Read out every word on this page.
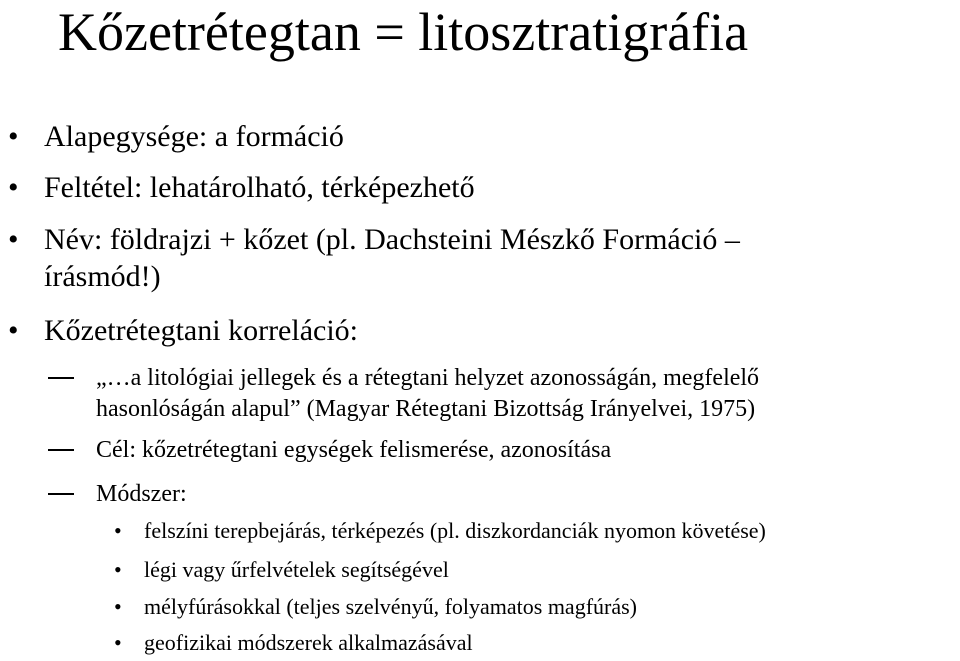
Kőzetrétegtan = litosztratigráfia
• Alapegysége: a formáció
• Feltétel: lehatárolható, térképezhető
• Név: földrajzi + kőzet (pl. Dachsteini Mészkő Formáció –
írásmód!)
• Kőzetrétegtani korreláció:
„…a litológiai jellegek és a rétegtani helyzet azonosságán, megfelelő
hasonlóságán alapul” (Magyar Rétegtani Bizottság Irányelvei, 1975)
Cél: kőzetrétegtani egységek felismerése, azonosítása
Módszer:
• felszíni terepbejárás, térképezés (pl. diszkordanciák nyomon követése)
• légi vagy űrfelvételek segítségével
• mélyfúrásokkal (teljes szelvényű, folyamatos magfúrás)
• geofizikai módszerek alkalmazásával
